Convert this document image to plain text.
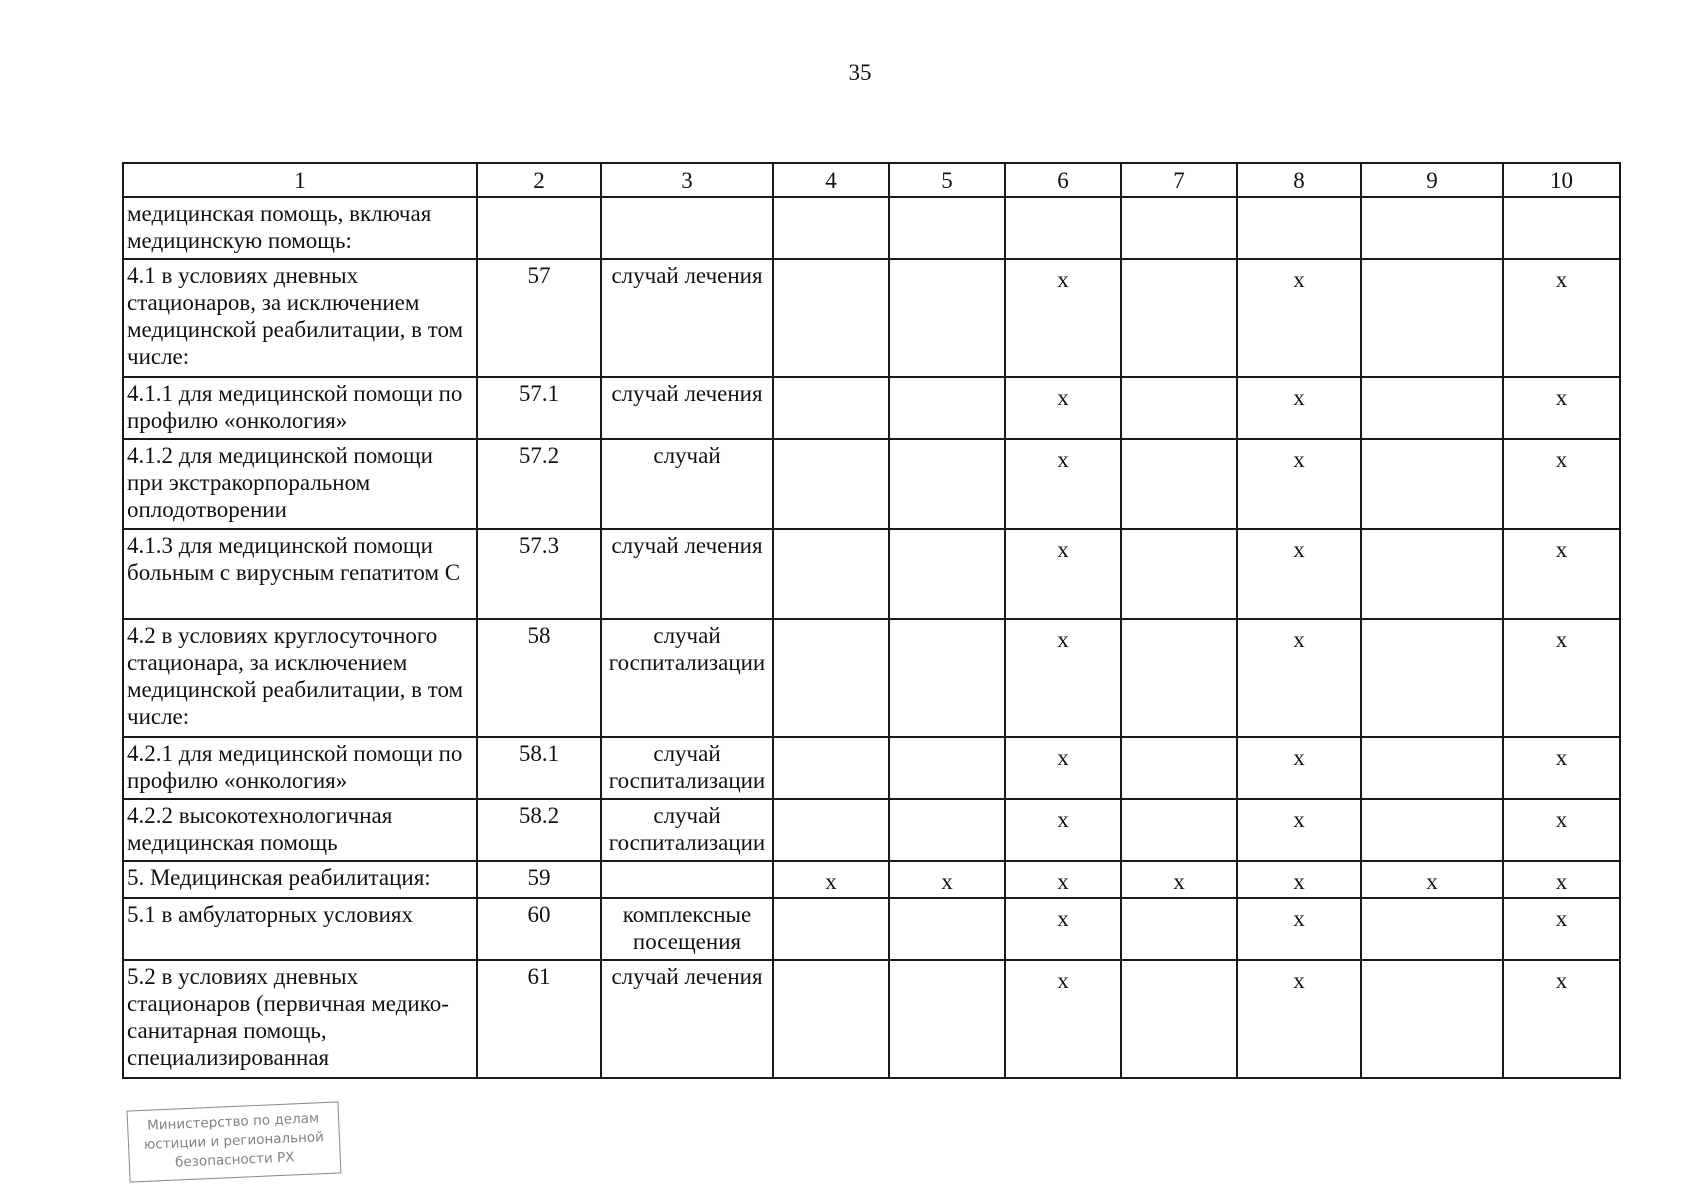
35
1	2	3	4	5	6	7	8	9	10
медицинская помощь, включая медицинскую помощь:									
4.1 в условиях дневных стационаров, за исключением медицинской реабилитации, в том числе:	57	случай лечения			х		х		х
4.1.1 для медицинской помощи по профилю «онкология»	57.1	случай лечения			х		х		х
4.1.2 для медицинской помощи при экстракорпоральном оплодотворении	57.2	случай			х		х		х
4.1.3 для медицинской помощи больным с вирусным гепатитом С	57.3	случай лечения			х		х		х
4.2 в условиях круглосуточного стационара, за исключением медицинской реабилитации, в том числе:	58	случай госпитализации			х		х		х
4.2.1 для медицинской помощи по профилю «онкология»	58.1	случай госпитализации			х		х		х
4.2.2 высокотехнологичная медицинская помощь	58.2	случай госпитализации			х		х		х
5. Медицинская реабилитация:	59		х	х	х	х	х	х	х
5.1 в амбулаторных условиях	60	комплексные посещения			х		х		х
5.2 в условиях дневных стационаров (первичная медико-санитарная помощь, специализированная	61	случай лечения			х		х		х
Министерство по делам
юстиции и региональной
безопасности РХ
